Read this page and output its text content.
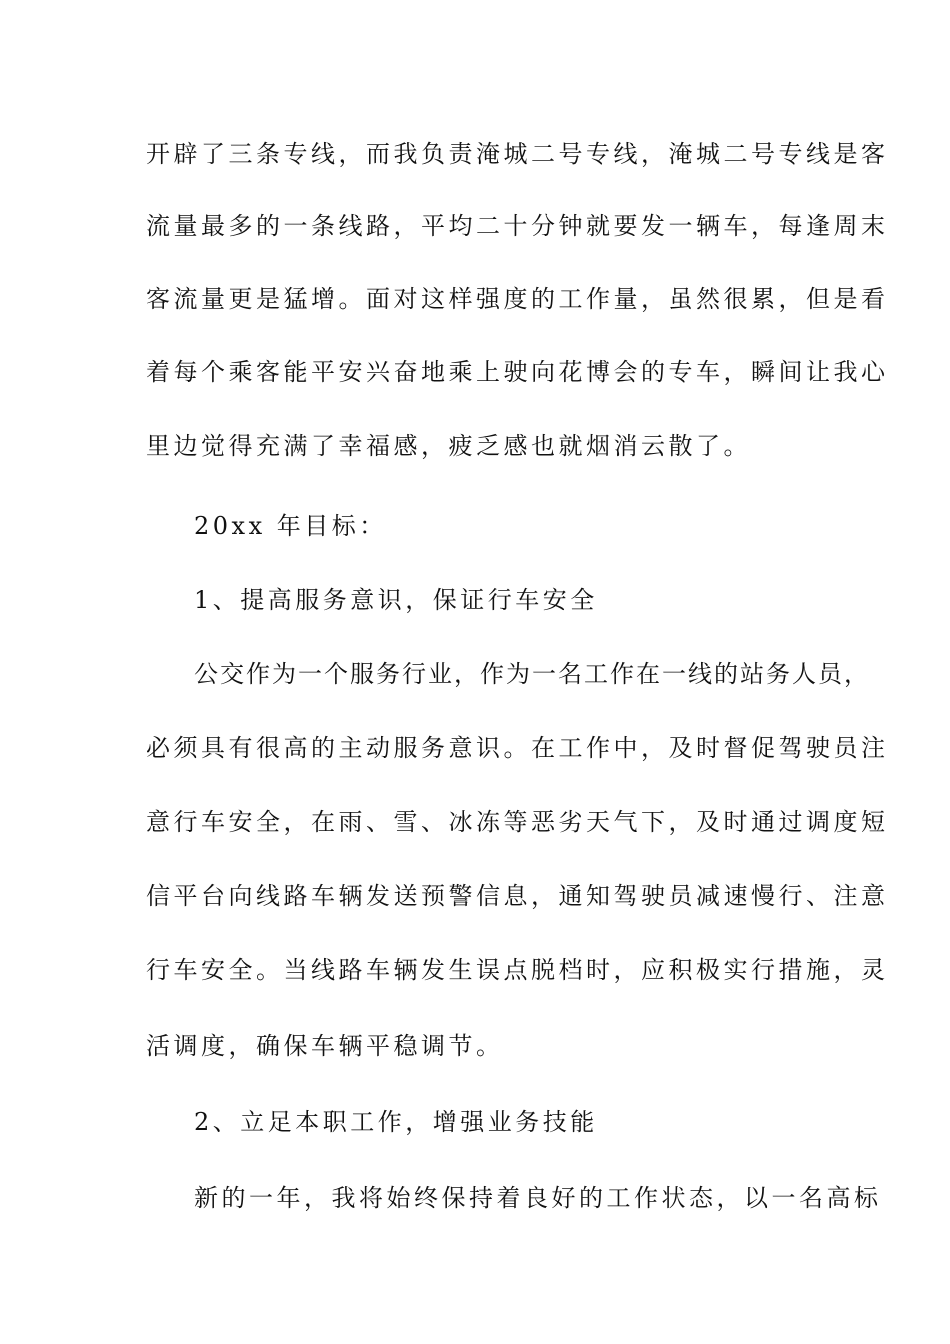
开辟了三条专线，而我负责淹城二号专线，淹城二号专线是客
流量最多的一条线路，平均二十分钟就要发一辆车，每逢周末
客流量更是猛增。面对这样强度的工作量，虽然很累，但是看
着每个乘客能平安兴奋地乘上驶向花博会的专车，瞬间让我心
里边觉得充满了幸福感，疲乏感也就烟消云散了。
20xx 年目标：
1、提高服务意识，保证行车安全
公交作为一个服务行业，作为一名工作在一线的站务人员，
必须具有很高的主动服务意识。在工作中，及时督促驾驶员注
意行车安全，在雨、雪、冰冻等恶劣天气下，及时通过调度短
信平台向线路车辆发送预警信息，通知驾驶员减速慢行、注意
行车安全。当线路车辆发生误点脱档时，应积极实行措施，灵
活调度，确保车辆平稳调节。
2、立足本职工作，增强业务技能
新的一年，我将始终保持着良好的工作状态，以一名高标
